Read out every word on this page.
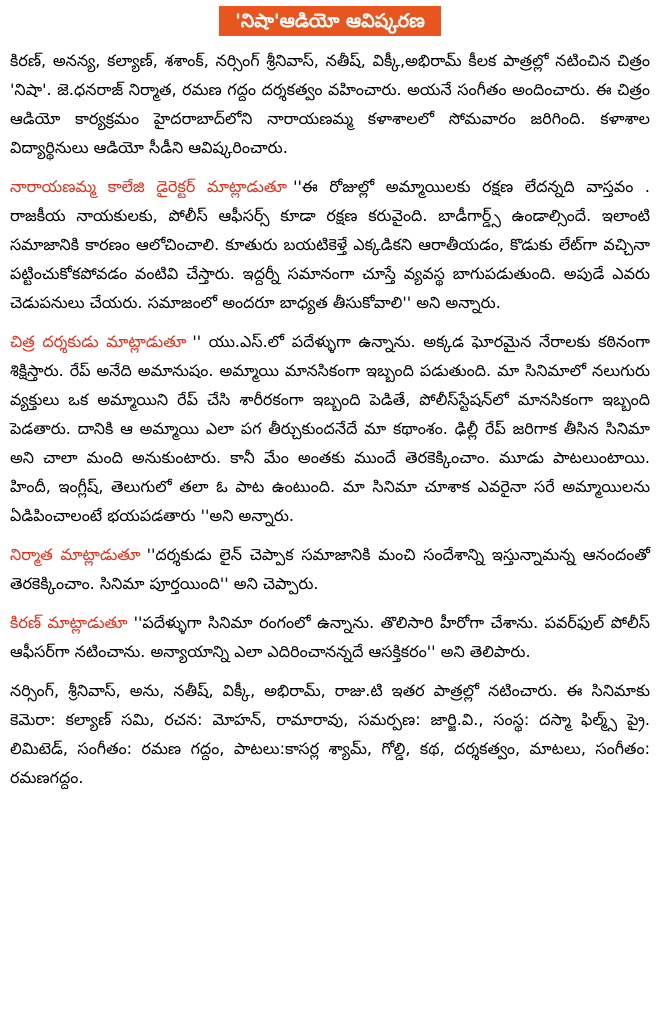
'నిషా'ఆడియో ఆవిష్కరణ

కిరణ్, అనన్య, కల్యాణ్, శశాంక్, నర్సింగ్ శ్రీనివాస్, నతీష్, విక్కీ,అభిరామ్ కీలక పాత్రల్లో నటించిన చిత్రం 'నిషా'. జె.ధనరాజ్ నిర్మాత, రమణ గద్దం దర్శకత్వం వహించారు. అయనే సంగీతం అందించారు. ఈ చిత్రం ఆడియో కార్యక్రమం హైదరాబాద్‌లోని నారాయణమ్మ కళాశాలలో సోమవారం జరిగింది. కళాశాల విద్యార్థినులు ఆడియో సీడీని ఆవిష్కరించారు.

నారాయణమ్మ కాలేజి డైరెక్టర్ మాట్లాడుతూ ''ఈ రోజుల్లో అమ్మాయిలకు రక్షణ లేదన్నది వాస్తవం . రాజకీయ నాయకులకు, పోలీస్ ఆఫీసర్స్ కూడా రక్షణ కరువైంది. బాడీగార్డ్స్ ఉండాల్సిందే. ఇలాంటి సమాజానికి కారణం ఆలోచించాలి. కూతురు బయటికెళ్తే ఎక్కడికని ఆరాతీయడం, కొడుకు లేట్‌గా వచ్చినా పట్టించుకోకపోవడం వంటివి చేస్తారు. ఇద్దర్నీ సమానంగా చూస్తే వ్యవస్థ బాగుపడుతుంది. అపుడే ఎవరు చెడుపనులు చేయరు. సమాజంలో అందరూ బాధ్యత తీసుకోవాలి'' అని అన్నారు.

చిత్ర దర్శకుడు మాట్లాడుతూ '' యు.ఎస్.లో పదేళ్ళుగా ఉన్నాను. అక్కడ ఘోరమైన నేరాలకు కఠినంగా శిక్షిస్తారు. రేప్ అనేది అమానుషం. అమ్మాయి మానసికంగా ఇబ్బంది పడుతుంది. మా సినిమాలో నలుగురు వ్యక్తులు ఒక అమ్మాయిని రేప్ చేసి శారీరకంగా ఇబ్బంది పెడితే, పోలీస్‌స్టేషన్‌లో మానసికంగా ఇబ్బంది పెడతారు. దానికి ఆ అమ్మాయి ఎలా పగ తీర్చుకుందనేదే మా కథాంశం. ఢిల్లీ రేప్ జరిగాక తీసిన సినిమా అని చాలా మంది అనుకుంటారు. కానీ మేం అంతకు ముందే తెరకెక్కించాం. మూడు పాటలుంటాయి. హిందీ, ఇంగ్లీష్, తెలుగులో తలా ఓ పాట ఉంటుంది. మా సినిమా చూశాక ఎవరైనా సరే అమ్మాయిలను ఏడిపించాలంటే భయపడతారు ''అని అన్నారు.

నిర్మాత మాట్లాడుతూ ''దర్శకుడు లైన్ చెప్పాక సమాజానికి మంచి సందేశాన్ని ఇస్తున్నామన్న ఆనందంతో తెరకెక్కించాం. సినిమా పూర్తయింది'' అని చెప్పారు.

కిరణ్ మాట్లాడుతూ ''పదేళ్ళుగా సినిమా రంగంలో ఉన్నాను. తొలిసారి హీరోగా చేశాను. పవర్‌ఫుల్ పోలీస్ ఆఫీసర్‌గా నటించాను. అన్యాయాన్ని ఎలా ఎదిరించానన్నదే ఆసక్తికరం'' అని తెలిపారు.

నర్సింగ్, శ్రీనివాస్, అను, నతీష్, విక్కీ, అభిరామ్, రాజు.టి ఇతర పాత్రల్లో నటించారు. ఈ సినిమాకు కెమెరా: కల్యాణ్ సమి, రచన: మోహన్, రామారావు, సమర్పణ: జార్జి.వి., సంస్థ: దస్మా ఫిల్మ్స్ ప్రై. లిమిటెడ్, సంగీతం: రమణ గద్దం, పాటలు:కాసర్ల శ్యామ్, గోల్డి, కథ, దర్శకత్వం, మాటలు, సంగీతం: రమణగద్దం.
